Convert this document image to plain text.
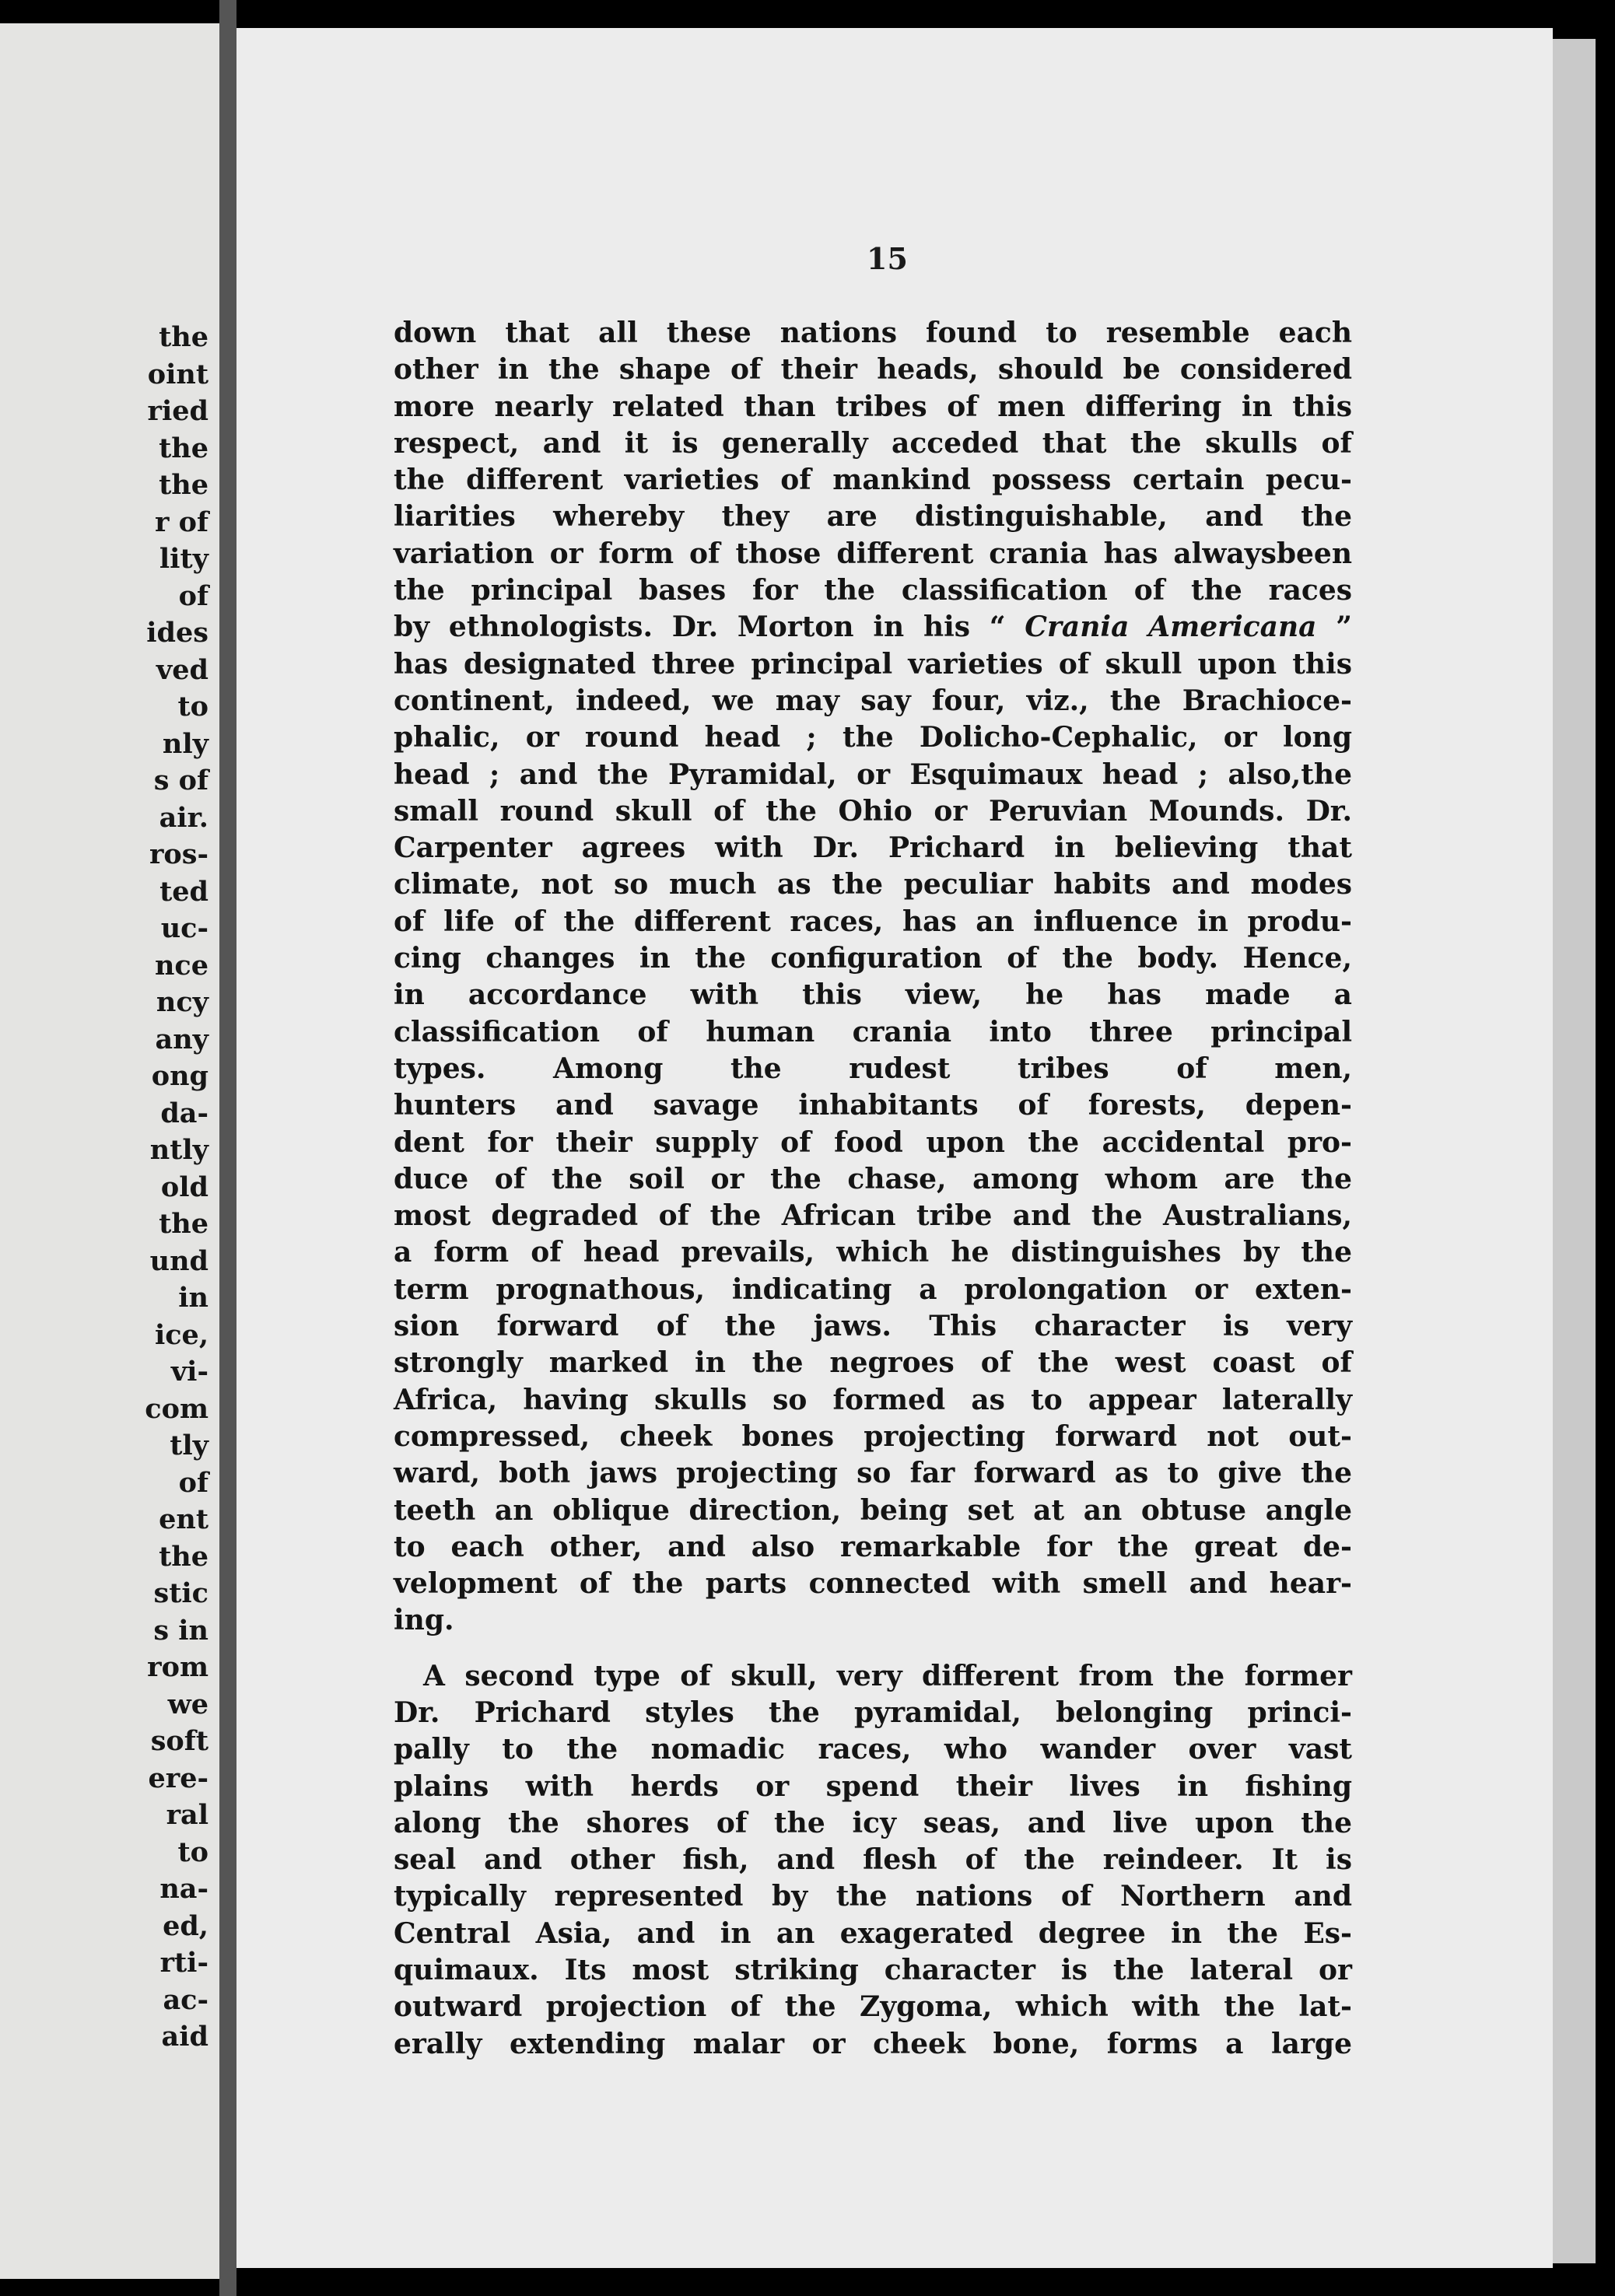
the
oint
ried
the
the
r of
lity
of
ides
ved
to
nly
s of
air.
ros-
ted
uc-
nce
ncy
any
ong
da-
ntly
old
the
und
in
ice,
vi-
com
tly
of
ent
the
stic
s in
rom
we
soft
ere-
ral
to
na-
ed,
rti-
ac-
aid
15
down that all these nations found to resemble each
other in the shape of their heads, should be considered
more nearly related than tribes of men differing in this
respect, and it is generally acceded that the skulls of
the different varieties of mankind possess certain pecu-
liarities whereby they are distinguishable, and the
variation or form of those different crania has alwaysbeen
the principal bases for the classification of the races
by ethnologists. Dr. Morton in his “ Crania Americana ”
has designated three principal varieties of skull upon this
continent, indeed, we may say four, viz., the Brachioce-
phalic, or round head ; the Dolicho-Cephalic, or long
head ; and the Pyramidal, or Esquimaux head ; also,the
small round skull of the Ohio or Peruvian Mounds. Dr.
Carpenter agrees with Dr. Prichard in believing that
climate, not so much as the peculiar habits and modes
of life of the different races, has an influence in produ-
cing changes in the configuration of the body. Hence,
in accordance with this view, he has made a
classification of human crania into three principal
types. Among the rudest tribes of men,
hunters and savage inhabitants of forests, depen-
dent for their supply of food upon the accidental pro-
duce of the soil or the chase, among whom are the
most degraded of the African tribe and the Australians,
a form of head prevails, which he distinguishes by the
term prognathous, indicating a prolongation or exten-
sion forward of the jaws. This character is very
strongly marked in the negroes of the west coast of
Africa, having skulls so formed as to appear laterally
compressed, cheek bones projecting forward not out-
ward, both jaws projecting so far forward as to give the
teeth an oblique direction, being set at an obtuse angle
to each other, and also remarkable for the great de-
velopment of the parts connected with smell and hear-
ing.
A second type of skull, very different from the former
Dr. Prichard styles the pyramidal, belonging princi-
pally to the nomadic races, who wander over vast
plains with herds or spend their lives in fishing
along the shores of the icy seas, and live upon the
seal and other fish, and flesh of the reindeer. It is
typically represented by the nations of Northern and
Central Asia, and in an exagerated degree in the Es-
quimaux. Its most striking character is the lateral or
outward projection of the Zygoma, which with the lat-
erally extending malar or cheek bone, forms a large
